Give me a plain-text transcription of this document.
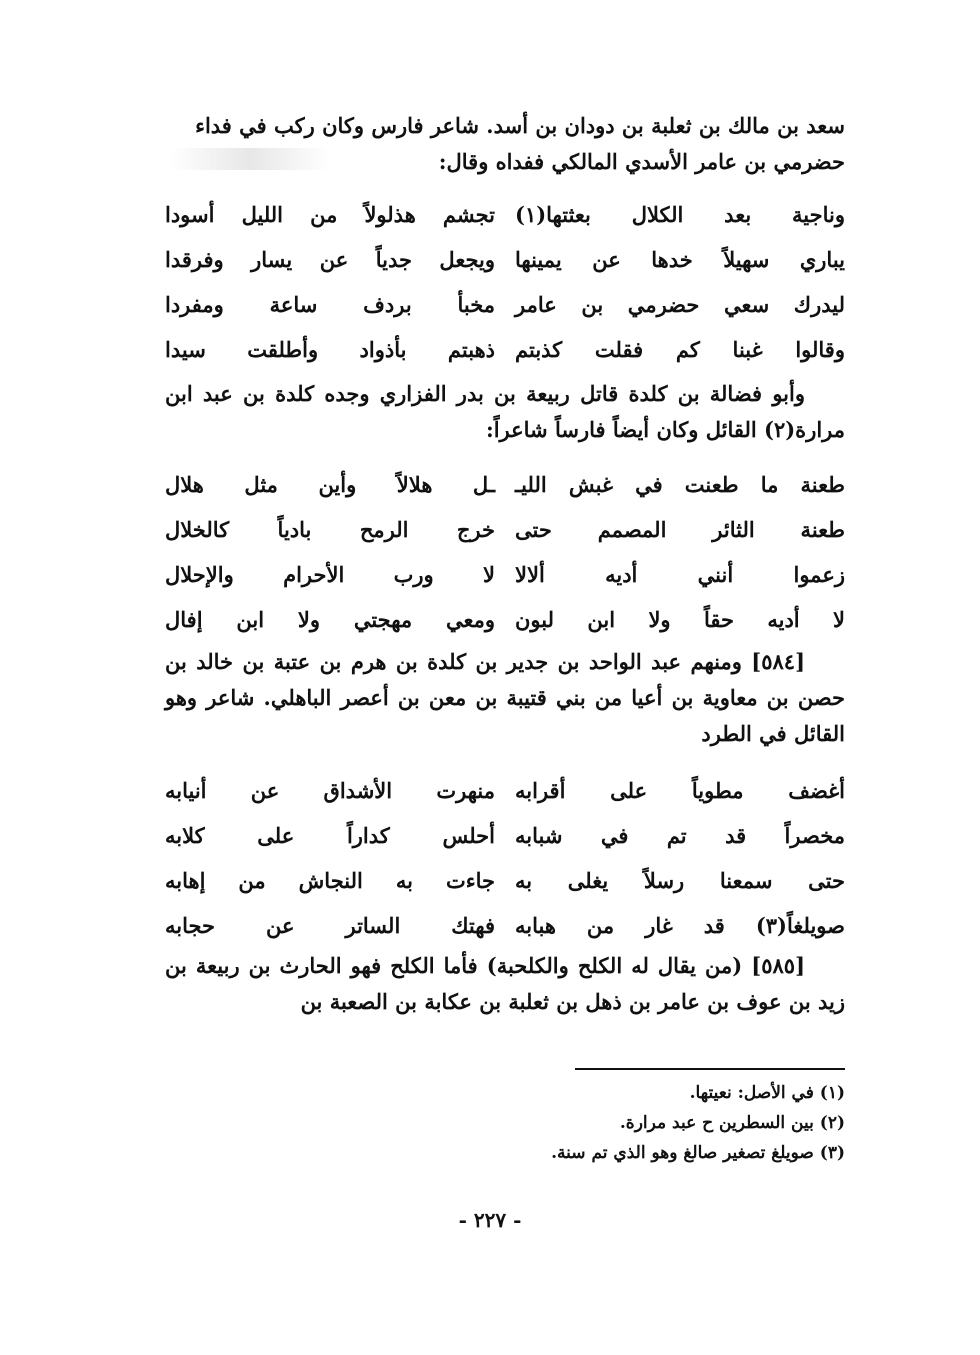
سعد بن مالك بن ثعلبة بن دودان بن أسد. شاعر فارس وكان ركب في فداء

حضرمي بن عامر الأسدي المالكي ففداه وقال:

وناجية بعد الكلال بعثتها(١)
تجشم هذلولاً من الليل أسودا
يباري سهيلاً خدها عن يمينها
ويجعل جدياً عن يسار وفرقدا
ليدرك سعي حضرمي بن عامر
مخبأ بردف ساعة ومفردا
وقالوا غبنا كم فقلت كذبتم
ذهبتم بأذواد وأطلقت سيدا

وأبو فضالة بن كلدة قاتل ربيعة بن بدر الفزاري وجده كلدة بن عبد ابن مرارة(٢) القائل وكان أيضاً فارساً شاعراً:

طعنة ما طعنت في غبش الليـ
ـل هلالاً وأين مثل هلال
طعنة الثائر المصمم حتى
خرج الرمح بادياً كالخلال
زعموا أنني أديه ألالا
لا ورب الأحرام والإحلال
لا أديه حقاً ولا ابن لبون
ومعي مهجتي ولا ابن إفال

[٥٨٤] ومنهم عبد الواحد بن جدير بن كلدة بن هرم بن عتبة بن خالد بن حصن بن معاوية بن أعيا من بني قتيبة بن معن بن أعصر الباهلي. شاعر وهو القائل في الطرد

أغضف مطوياً على أقرابه
منهرت الأشداق عن أنيابه
مخصراً قد تم في شبابه
أحلس كداراً على كلابه
حتى سمعنا رسلاً يغلى به
جاءت به النجاش من إهابه
صويلغاً(٣) قد غار من هبابه
فهتك الساتر عن حجابه

[٥٨٥] (من يقال له الكلح والكلحبة) فأما الكلح فهو الحارث بن ربيعة بن زيد بن عوف بن عامر بن ذهل بن ثعلبة بن عكابة بن الصعبة بن

(١) في الأصل: نعيتها.
(٢) بين السطرين ح عبد مرارة.
(٣) صويلغ تصغير صالغ وهو الذي تم سنة.
- ٢٢٧ -
